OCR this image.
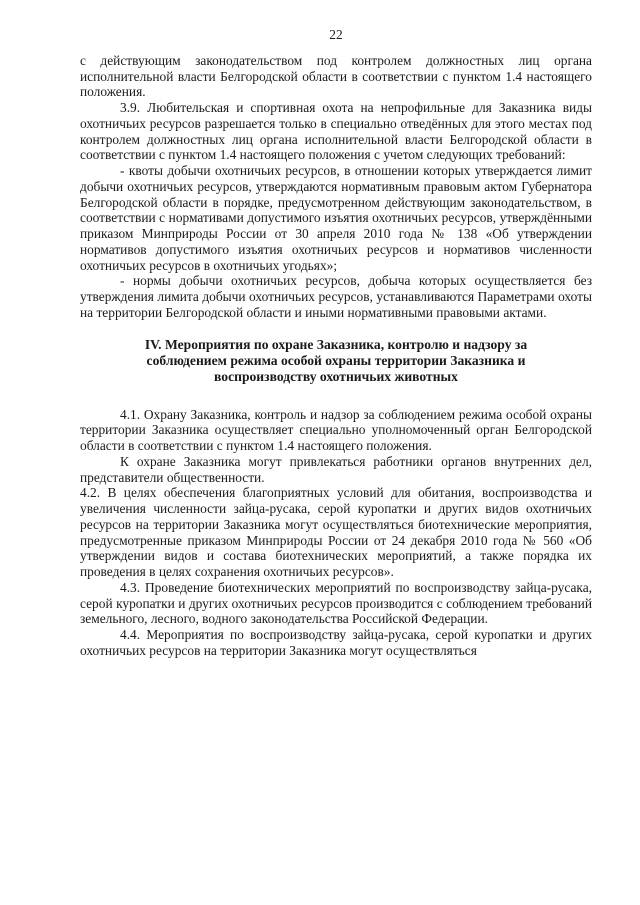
22

с действующим законодательством под контролем должностных лиц органа исполнительной власти Белгородской области в соответствии с пунктом 1.4 настоящего положения.

3.9. Любительская и спортивная охота на непрофильные для Заказника виды охотничьих ресурсов разрешается только в специально отведённых для этого местах под контролем должностных лиц органа исполнительной власти Белгородской области в соответствии с пунктом 1.4 настоящего положения с учетом следующих требований:

- квоты добычи охотничьих ресурсов, в отношении которых утверждается лимит добычи охотничьих ресурсов, утверждаются нормативным правовым актом Губернатора Белгородской области в порядке, предусмотренном действующим законодательством, в соответствии с нормативами допустимого изъятия охотничьих ресурсов, утверждёнными приказом Минприроды России от 30 апреля 2010 года № 138 «Об утверждении нормативов допустимого изъятия охотничьих ресурсов и нормативов численности охотничьих ресурсов в охотничьих угодьях»;

- нормы добычи охотничьих ресурсов, добыча которых осуществляется без утверждения лимита добычи охотничьих ресурсов, устанавливаются Параметрами охоты на территории Белгородской области и иными нормативными правовыми актами.

IV. Мероприятия по охране Заказника, контролю и надзору за соблюдением режима особой охраны территории Заказника и воспроизводству охотничьих животных

4.1. Охрану Заказника, контроль и надзор за соблюдением режима особой охраны территории Заказника осуществляет специально уполномоченный орган Белгородской области в соответствии с пунктом 1.4 настоящего положения.

К охране Заказника могут привлекаться работники органов внутренних дел, представители общественности.

4.2. В целях обеспечения благоприятных условий для обитания, воспроизводства и увеличения численности зайца-русака, серой куропатки и других видов охотничьих ресурсов на территории Заказника могут осуществляться биотехнические мероприятия, предусмотренные приказом Минприроды России от 24 декабря 2010 года № 560 «Об утверждении видов и состава биотехнических мероприятий, а также порядка их проведения в целях сохранения охотничьих ресурсов».

4.3. Проведение биотехнических мероприятий по воспроизводству зайца-русака, серой куропатки и других охотничьих ресурсов производится с соблюдением требований земельного, лесного, водного законодательства Российской Федерации.

4.4. Мероприятия по воспроизводству зайца-русака, серой куропатки и других охотничьих ресурсов на территории Заказника могут осуществляться
